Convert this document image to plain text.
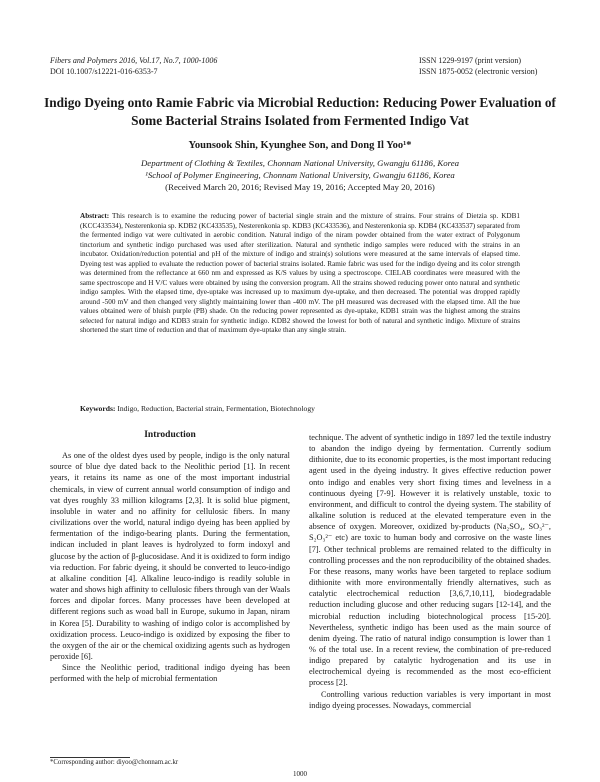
Fibers and Polymers 2016, Vol.17, No.7, 1000-1006
DOI 10.1007/s12221-016-6353-7
ISSN 1229-9197 (print version)
ISSN 1875-0052 (electronic version)
Indigo Dyeing onto Ramie Fabric via Microbial Reduction: Reducing Power Evaluation of Some Bacterial Strains Isolated from Fermented Indigo Vat
Younsook Shin, Kyunghee Son, and Dong Il Yoo¹*
Department of Clothing & Textiles, Chonnam National University, Gwangju 61186, Korea
¹School of Polymer Engineering, Chonnam National University, Gwangju 61186, Korea
(Received March 20, 2016; Revised May 19, 2016; Accepted May 20, 2016)
Abstract: This research is to examine the reducing power of bacterial single strain and the mixture of strains. Four strains of Dietzia sp. KDB1 (KCC433534), Nesterenkonia sp. KDB2 (KC433535), Nesterenkonia sp. KDB3 (KC433536), and Nesterenkonia sp. KDB4 (KC433537) separated from the fermented indigo vat were cultivated in aerobic condition. Natural indigo of the niram powder obtained from the water extract of Polygonum tinctorium and synthetic indigo purchased was used after sterilization. Natural and synthetic indigo samples were reduced with the strains in an incubator. Oxidation/reduction potential and pH of the mixture of indigo and strain(s) solutions were measured at the same intervals of elapsed time. Dyeing test was applied to evaluate the reduction power of bacterial strains isolated. Ramie fabric was used for the indigo dyeing and its color strength was determined from the reflectance at 660 nm and expressed as K/S values by using a spectroscope. CIELAB coordinates were measured with the same spectroscope and H V/C values were obtained by using the conversion program. All the strains showed reducing power onto natural and synthetic indigo samples. With the elapsed time, dye-uptake was increased up to maximum dye-uptake, and then decreased. The potential was dropped rapidly around -500 mV and then changed very slightly maintaining lower than -400 mV. The pH measured was decreased with the elapsed time. All the hue values obtained were of bluish purple (PB) shade. On the reducing power represented as dye-uptake, KDB1 strain was the highest among the strains selected for natural indigo and KDB3 strain for synthetic indigo. KDB2 showed the lowest for both of natural and synthetic indigo. Mixture of strains shortened the start time of reduction and that of maximum dye-uptake than any single strain.
Keywords: Indigo, Reduction, Bacterial strain, Fermentation, Biotechnology
Introduction

As one of the oldest dyes used by people, indigo is the only natural source of blue dye dated back to the Neolithic period [1]. In recent years, it retains its name as one of the most important industrial chemicals, in view of current annual world consumption of indigo and vat dyes roughly 33 million kilograms [2,3]. It is solid blue pigment, insoluble in water and no affinity for cellulosic fibers. In many civilizations over the world, natural indigo dyeing has been applied by fermentation of the indigo-bearing plants. During the fermentation, indican included in plant leaves is hydrolyzed to form indoxyl and glucose by the action of β-glucosidase. And it is oxidized to form indigo via reduction. For fabric dyeing, it should be converted to leuco-indigo at alkaline condition [4]. Alkaline leuco-indigo is readily soluble in water and shows high affinity to cellulosic fibers through van der Waals forces and dipolar forces. Many processes have been developed at different regions such as woad ball in Europe, sukumo in Japan, niram in Korea [5]. Durability to washing of indigo color is accomplished by oxidization process. Leuco-indigo is oxidized by exposing the fiber to the oxygen of the air or the chemical oxidizing agents such as hydrogen peroxide [6].

Since the Neolithic period, traditional indigo dyeing has been performed with the help of microbial fermentation

technique. The advent of synthetic indigo in 1897 led the textile industry to abandon the indigo dyeing by fermentation. Currently sodium dithionite, due to its economic properties, is the most important reducing agent used in the dyeing industry. It gives effective reduction power onto indigo and enables very short fixing times and levelness in a continuous dyeing [7-9]. However it is relatively unstable, toxic to environment, and difficult to control the dyeing system. The stability of alkaline solution is reduced at the elevated temperature even in the absence of oxygen. Moreover, oxidized by-products (Na₂SO₄, SO₃²⁻, S₂O₃²⁻ etc) are toxic to human body and corrosive on the waste lines [7]. Other technical problems are remained related to the difficulty in controlling processes and the non reproducibility of the obtained shades. For these reasons, many works have been targeted to replace sodium dithionite with more environmentally friendly alternatives, such as catalytic electrochemical reduction [3,6,7,10,11], biodegradable reduction including glucose and other reducing sugars [12-14], and the microbial reduction including biotechnological process [15-20]. Nevertheless, synthetic indigo has been used as the main source of denim dyeing. The ratio of natural indigo consumption is lower than 1 % of the total use. In a recent review, the combination of pre-reduced indigo prepared by catalytic hydrogenation and its use in electrochemical dyeing is recommended as the most eco-efficient process [2].

Controlling various reduction variables is very important in most indigo dyeing processes. Nowadays, commercial

*Corresponding author: diyoo@chonnam.ac.kr
1000
